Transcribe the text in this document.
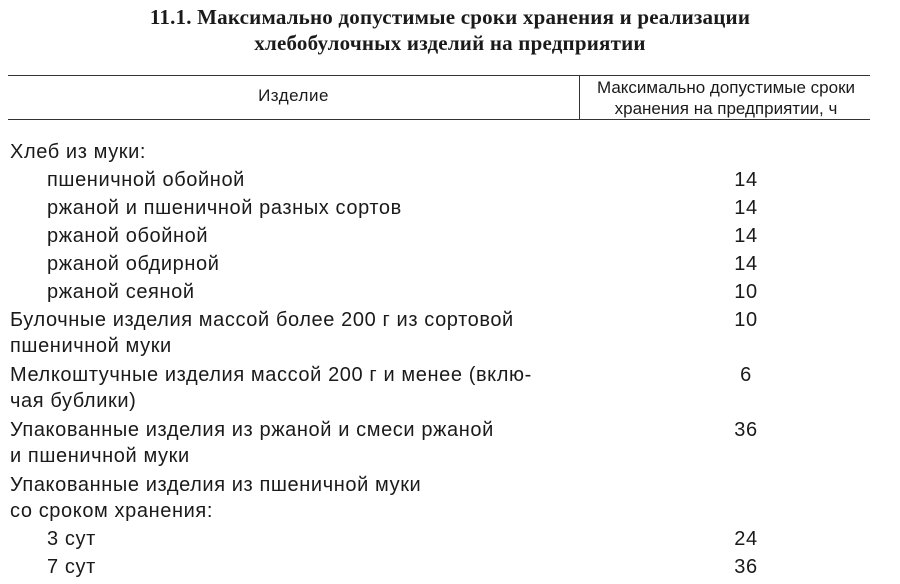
11.1. Максимально допустимые сроки хранения и реализации
хлебобулочных изделий на предприятии
Изделие	Максимально допустимые сроки
хранения на предприятии, ч
Хлеб из муки:
пшеничной обойной	14
ржаной и пшеничной разных сортов	14
ржаной обойной	14
ржаной обдирной	14
ржаной сеяной	10
Булочные изделия массой более 200 г из сортовой	10
пшеничной муки
Мелкоштучные изделия массой 200 г и менее (вклю-	6
чая бублики)
Упакованные изделия из ржаной и смеси ржаной	36
и пшеничной муки
Упакованные изделия из пшеничной муки
со сроком хранения:
3 сут	24
7 сут	36
